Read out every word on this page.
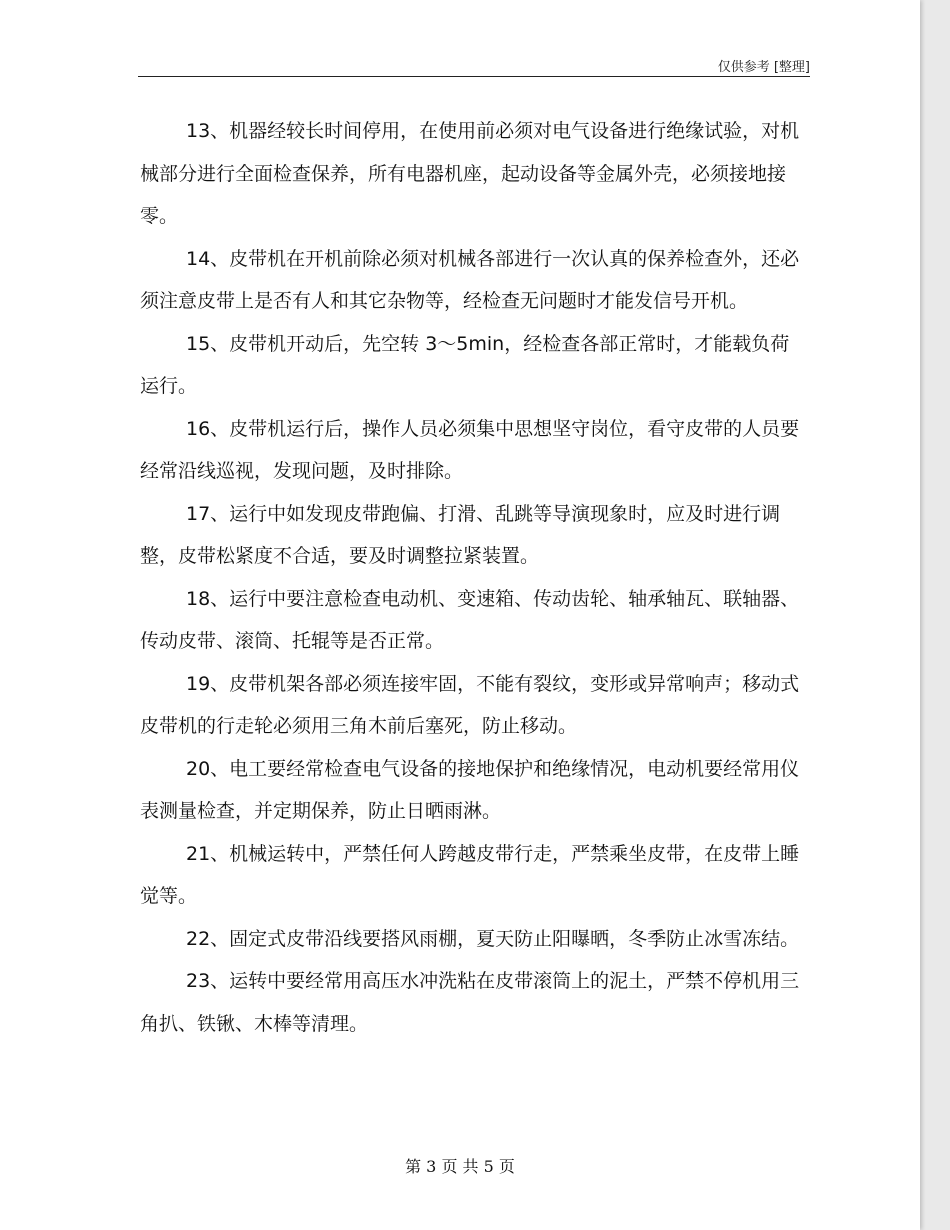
仅供参考 [整理]

13、机器经较长时间停用，在使用前必须对电气设备进行绝缘试验，对机械部分进行全面检查保养，所有电器机座，起动设备等金属外壳，必须接地接零。

14、皮带机在开机前除必须对机械各部进行一次认真的保养检查外，还必须注意皮带上是否有人和其它杂物等，经检查无问题时才能发信号开机。

15、皮带机开动后，先空转 3～5min，经检查各部正常时，才能载负荷运行。

16、皮带机运行后，操作人员必须集中思想坚守岗位，看守皮带的人员要经常沿线巡视，发现问题，及时排除。

17、运行中如发现皮带跑偏、打滑、乱跳等导演现象时，应及时进行调整，皮带松紧度不合适，要及时调整拉紧装置。

18、运行中要注意检查电动机、变速箱、传动齿轮、轴承轴瓦、联轴器、传动皮带、滚筒、托辊等是否正常。

19、皮带机架各部必须连接牢固，不能有裂纹，变形或异常响声；移动式皮带机的行走轮必须用三角木前后塞死，防止移动。

20、电工要经常检查电气设备的接地保护和绝缘情况，电动机要经常用仪表测量检查，并定期保养，防止日晒雨淋。

21、机械运转中，严禁任何人跨越皮带行走，严禁乘坐皮带，在皮带上睡觉等。

22、固定式皮带沿线要搭风雨棚，夏天防止阳曝晒，冬季防止冰雪冻结。

23、运转中要经常用高压水冲洗粘在皮带滚筒上的泥土，严禁不停机用三角扒、铁锹、木棒等清理。

第 3 页 共 5 页
